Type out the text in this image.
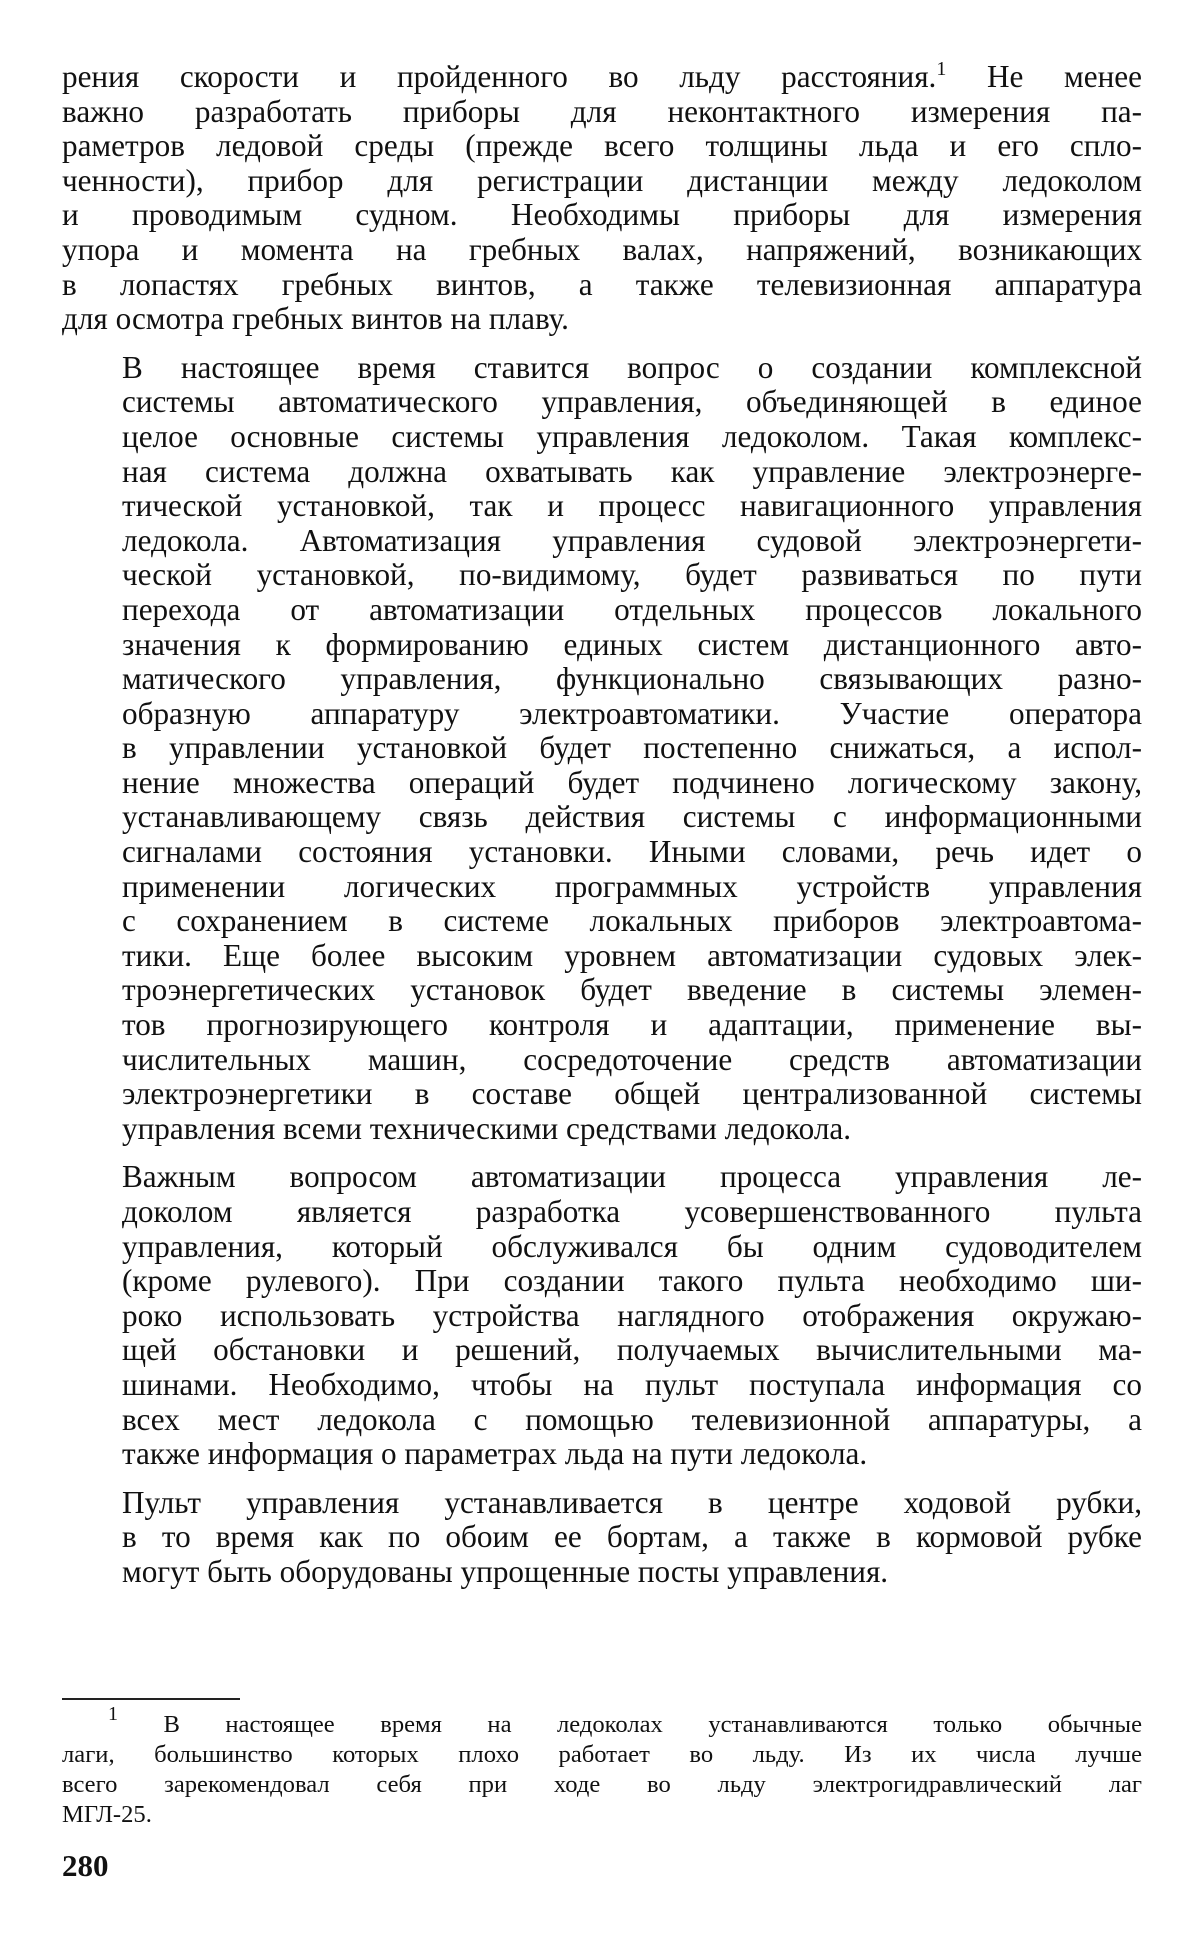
рения скорости и пройденного во льду расстояния.$^1$ Не менее
важно разработать приборы для неконтактного измерения па-
раметров ледовой среды (прежде всего толщины льда и его спло-
ченности), прибор для регистрации дистанции между ледоколом
и проводимым судном. Необходимы приборы для измерения
упора и момента на гребных валах, напряжений, возникающих
в лопастях гребных винтов, а также телевизионная аппаратура
для осмотра гребных винтов на плаву.

В настоящее время ставится вопрос о создании комплексной
системы автоматического управления, объединяющей в единое
целое основные системы управления ледоколом. Такая комплекс-
ная система должна охватывать как управление электроэнерге-
тической установкой, так и процесс навигационного управления
ледокола. Автоматизация управления судовой электроэнергети-
ческой установкой, по-видимому, будет развиваться по пути
перехода от автоматизации отдельных процессов локального
значения к формированию единых систем дистанционного авто-
матического управления, функционально связывающих разно-
образную аппаратуру электроавтоматики. Участие оператора
в управлении установкой будет постепенно снижаться, а испол-
нение множества операций будет подчинено логическому закону,
устанавливающему связь действия системы с информационными
сигналами состояния установки. Иными словами, речь идет о
применении логических программных устройств управления
с сохранением в системе локальных приборов электроавтома-
тики. Еще более высоким уровнем автоматизации судовых элек-
троэнергетических установок будет введение в системы элемен-
тов прогнозирующего контроля и адаптации, применение вы-
числительных машин, сосредоточение средств автоматизации
электроэнергетики в составе общей централизованной системы
управления всеми техническими средствами ледокола.

Важным вопросом автоматизации процесса управления ле-
доколом является разработка усовершенствованного пульта
управления, который обслуживался бы одним судоводителем
(кроме рулевого). При создании такого пульта необходимо ши-
роко использовать устройства наглядного отображения окружаю-
щей обстановки и решений, получаемых вычислительными ма-
шинами. Необходимо, чтобы на пульт поступала информация со
всех мест ледокола с помощью телевизионной аппаратуры, а
также информация о параметрах льда на пути ледокола.

Пульт управления устанавливается в центре ходовой рубки,
в то время как по обоим ее бортам, а также в кормовой рубке
могут быть оборудованы упрощенные посты управления.

$^1$ В настоящее время на ледоколах устанавливаются только обычные
лаги, большинство которых плохо работает во льду. Из их числа лучше
всего зарекомендовал себя при ходе во льду электрогидравлический лаг
МГЛ-25.
280
